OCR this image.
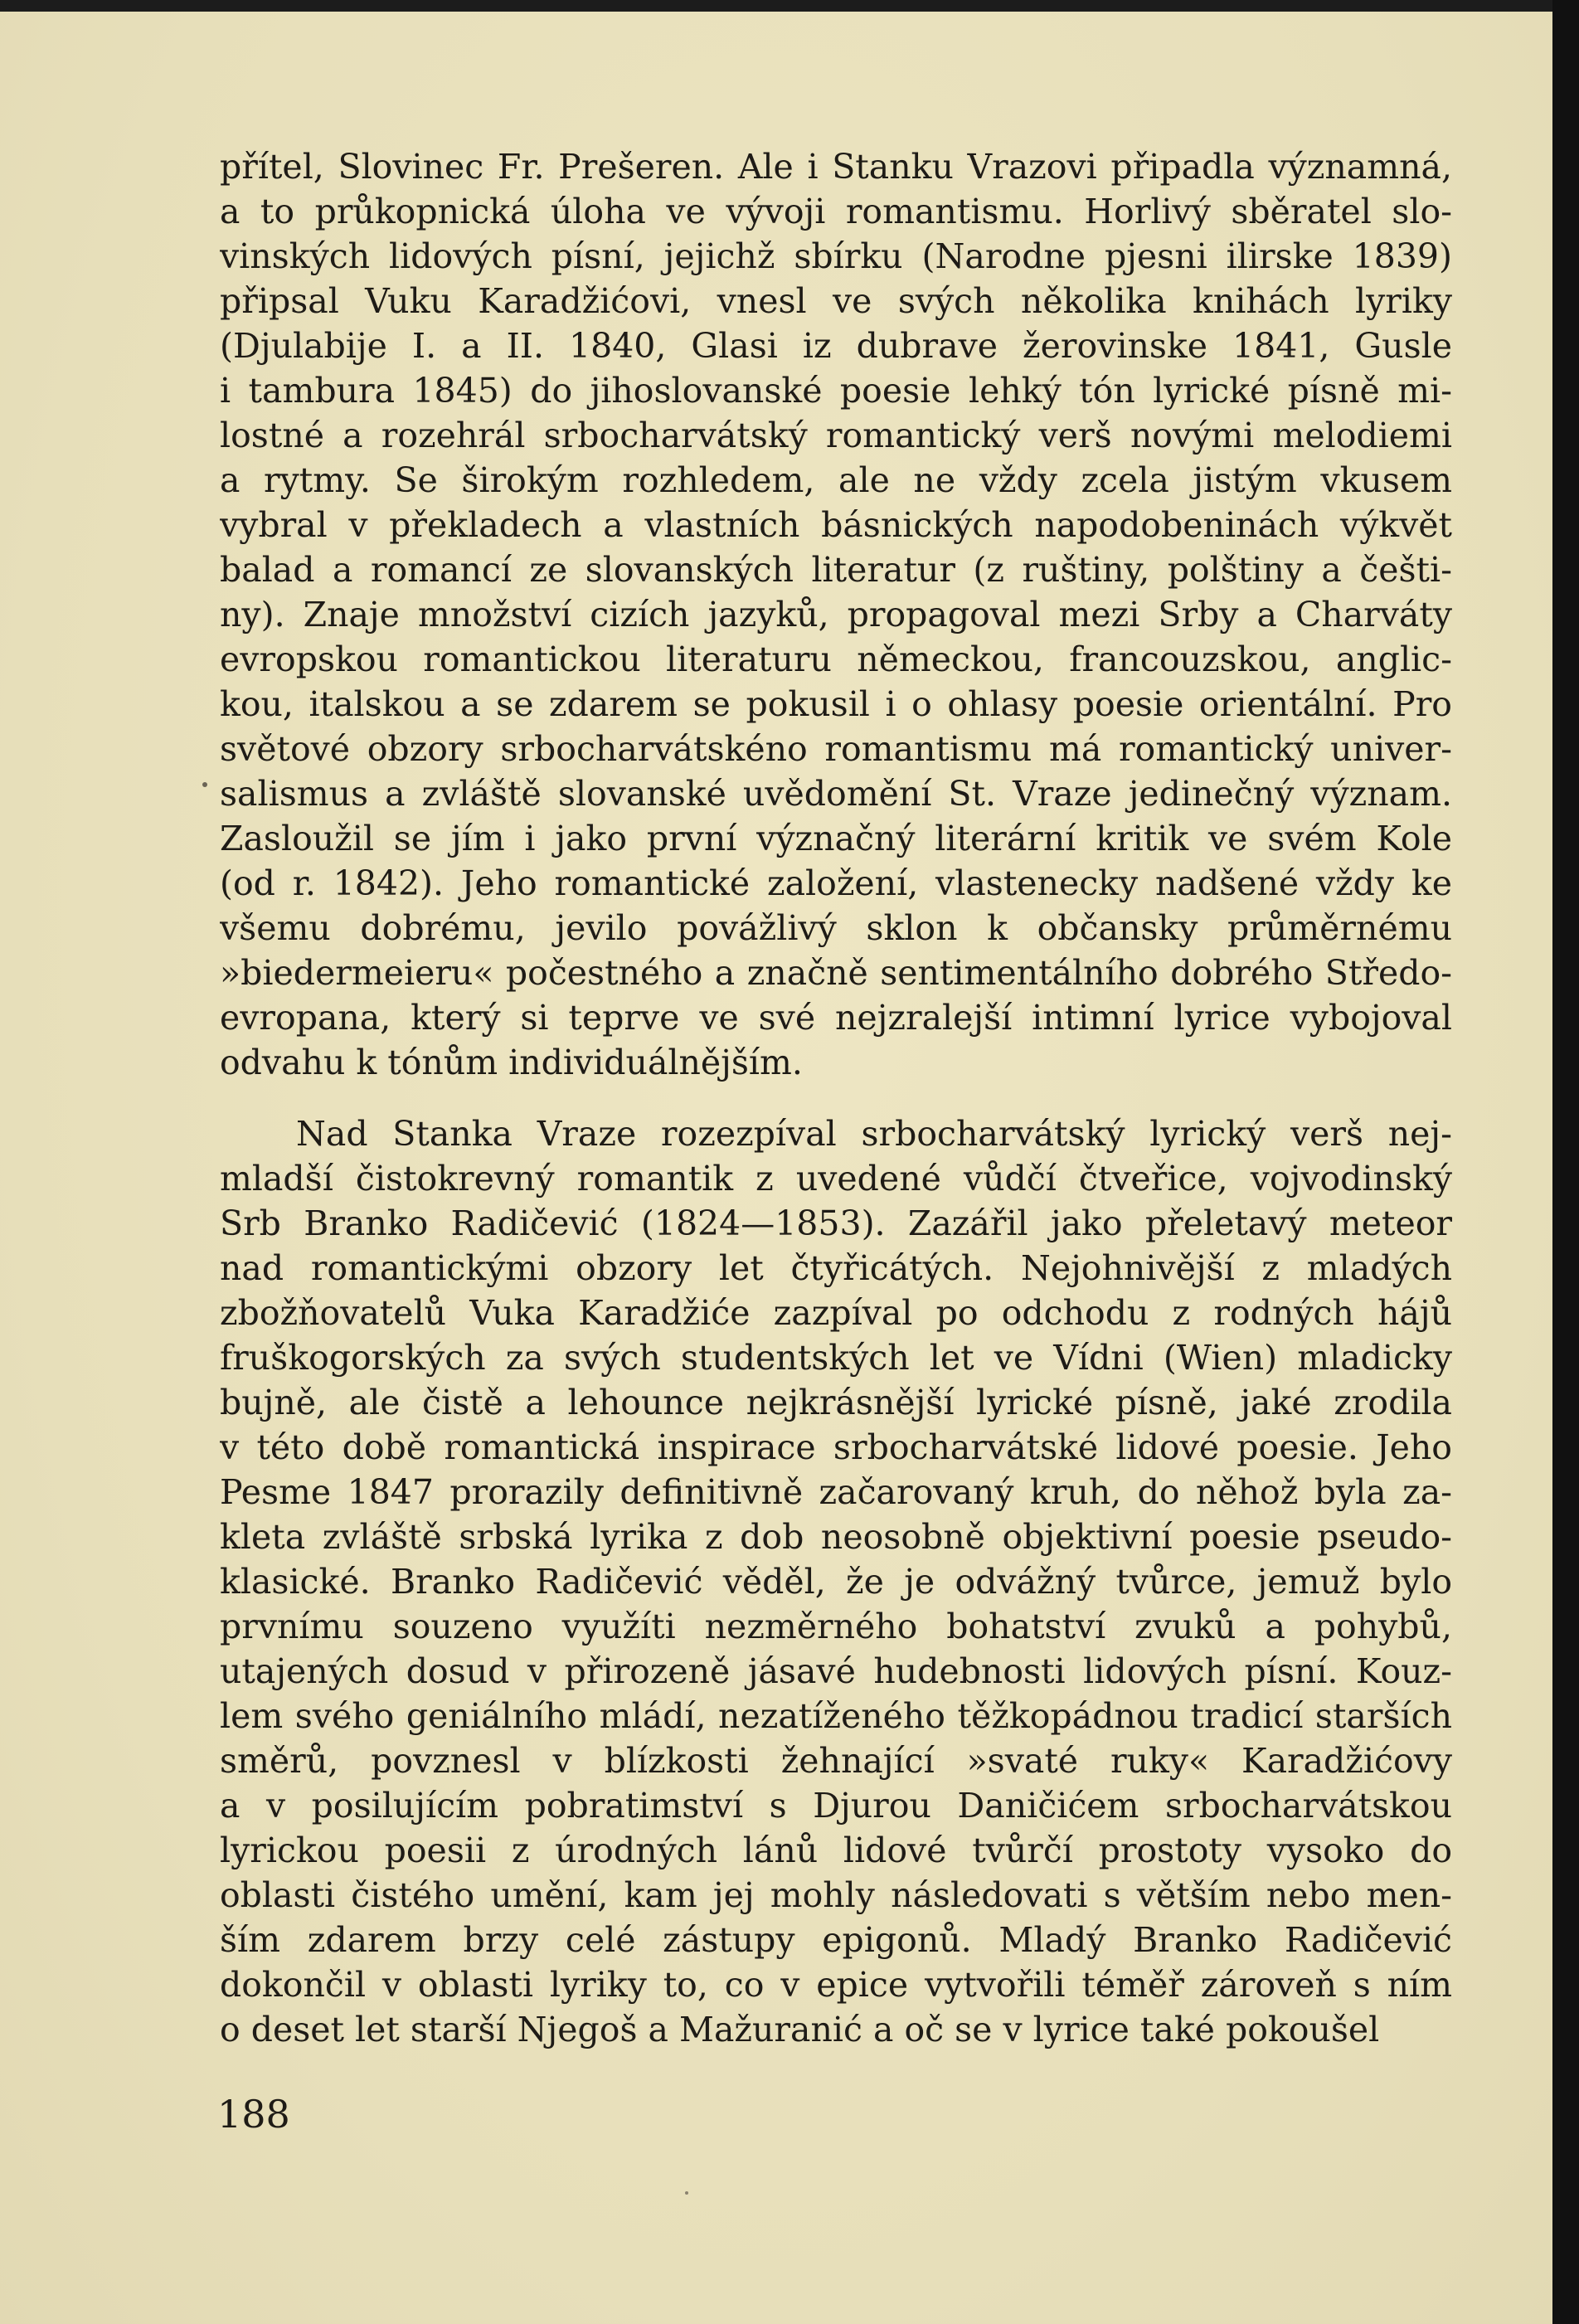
přítel, Slovinec Fr. Prešeren. Ale i Stanku Vrazovi připadla významná,
a to průkopnická úloha ve vývoji romantismu. Horlivý sběratel slo-
vinských lidových písní, jejichž sbírku (Narodne pjesni ilirske 1839)
připsal Vuku Karadžićovi, vnesl ve svých několika knihách lyriky
(Djulabije I. a II. 1840, Glasi iz dubrave žerovinske 1841, Gusle
i tambura 1845) do jihoslovanské poesie lehký tón lyrické písně mi-
lostné a rozehrál srbocharvátský romantický verš novými melodiemi
a rytmy. Se širokým rozhledem, ale ne vždy zcela jistým vkusem
vybral v překladech a vlastních básnických napodobeninách výkvět
balad a romancí ze slovanských literatur (z ruštiny, polštiny a češti-
ny). Znaje množství cizích jazyků, propagoval mezi Srby a Charváty
evropskou romantickou literaturu německou, francouzskou, anglic-
kou, italskou a se zdarem se pokusil i o ohlasy poesie orientální. Pro
světové obzory srbocharvátskéno romantismu má romantický univer-
salismus a zvláště slovanské uvědomění St. Vraze jedinečný význam.
Zasloužil se jím i jako první význačný literární kritik ve svém Kole
(od r. 1842). Jeho romantické založení, vlastenecky nadšené vždy ke
všemu dobrému, jevilo povážlivý sklon k občansky průměrnému
»biedermeieru« počestného a značně sentimentálního dobrého Středo-
evropana, který si teprve ve své nejzralejší intimní lyrice vybojoval
odvahu k tónům individuálnějším.
Nad Stanka Vraze rozezpíval srbocharvátský lyrický verš nej-
mladší čistokrevný romantik z uvedené vůdčí čtveřice, vojvodinský
Srb Branko Radičević (1824—1853). Zazářil jako přeletavý meteor
nad romantickými obzory let čtyřicátých. Nejohnivější z mladých
zbožňovatelů Vuka Karadžiće zazpíval po odchodu z rodných hájů
fruškogorských za svých studentských let ve Vídni (Wien) mladicky
bujně, ale čistě a lehounce nejkrásnější lyrické písně, jaké zrodila
v této době romantická inspirace srbocharvátské lidové poesie. Jeho
Pesme 1847 prorazily definitivně začarovaný kruh, do něhož byla za-
kleta zvláště srbská lyrika z dob neosobně objektivní poesie pseudo-
klasické. Branko Radičević věděl, že je odvážný tvůrce, jemuž bylo
prvnímu souzeno využíti nezměrného bohatství zvuků a pohybů,
utajených dosud v přirozeně jásavé hudebnosti lidových písní. Kouz-
lem svého geniálního mládí, nezatíženého těžkopádnou tradicí starších
směrů, povznesl v blízkosti žehnající »svaté ruky« Karadžićovy
a v posilujícím pobratimství s Djurou Daničićem srbocharvátskou
lyrickou poesii z úrodných lánů lidové tvůrčí prostoty vysoko do
oblasti čistého umění, kam jej mohly následovati s větším nebo men-
ším zdarem brzy celé zástupy epigonů. Mladý Branko Radičević
dokončil v oblasti lyriky to, co v epice vytvořili téměř zároveň s ním
o deset let starší Njegoš a Mažuranić a oč se v lyrice také pokoušel
188
